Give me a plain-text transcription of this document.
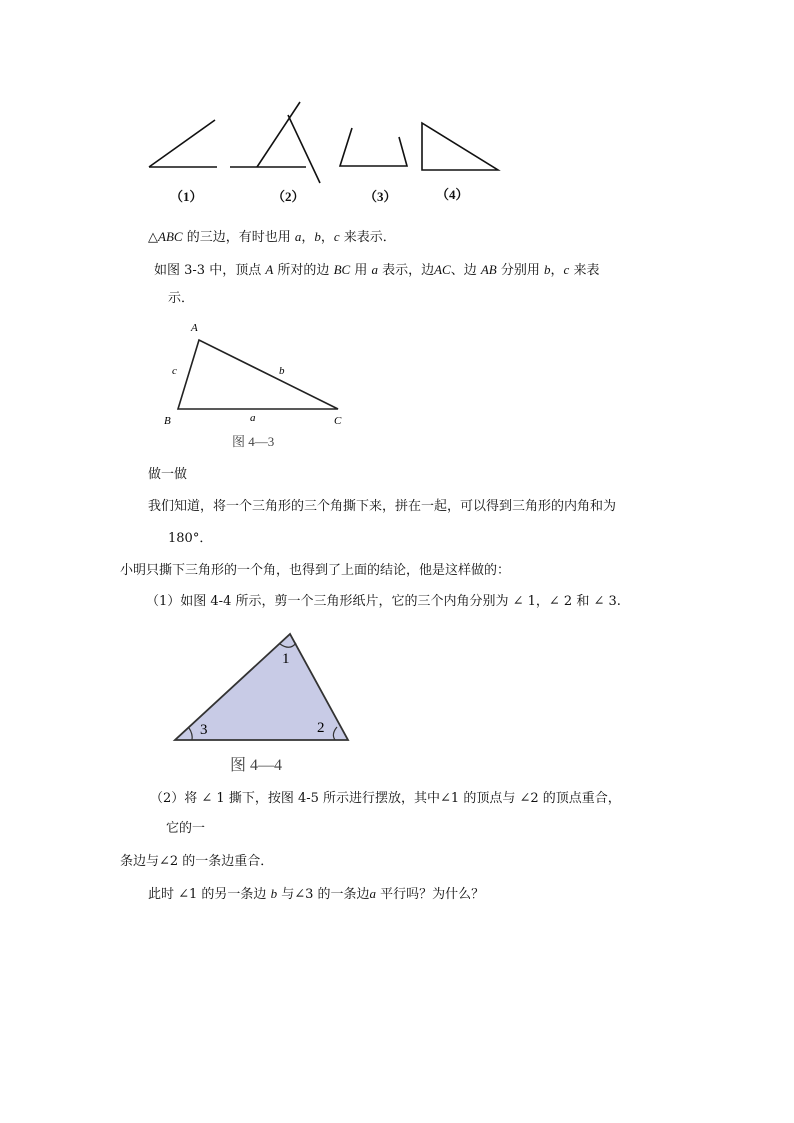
（1）	（2）	（3）	（4）
△ABC 的三边，有时也用 a，b，c 来表示．
如图 3-3 中，顶点 A 所对的边 BC 用 a 表示，边AC、边 AB 分别用 b，c 来表
示．
A
B	C
a
b
c
图 4—3
做一做
我们知道，将一个三角形的三个角撕下来，拼在一起，可以得到三角形的内角和为
180°．
小明只撕下三角形的一个角，也得到了上面的结论，他是这样做的：
（1）如图 4-4 所示，剪一个三角形纸片，它的三个内角分别为 ∠ 1，∠ 2 和 ∠ 3.
1
2
3
图 4—4
（2）将 ∠ 1 撕下，按图 4-5 所示进行摆放，其中∠1 的顶点与 ∠2 的顶点重合，
它的一
条边与∠2 的一条边重合．
此时 ∠1 的另一条边 b 与∠3 的一条边a 平行吗？为什么？
